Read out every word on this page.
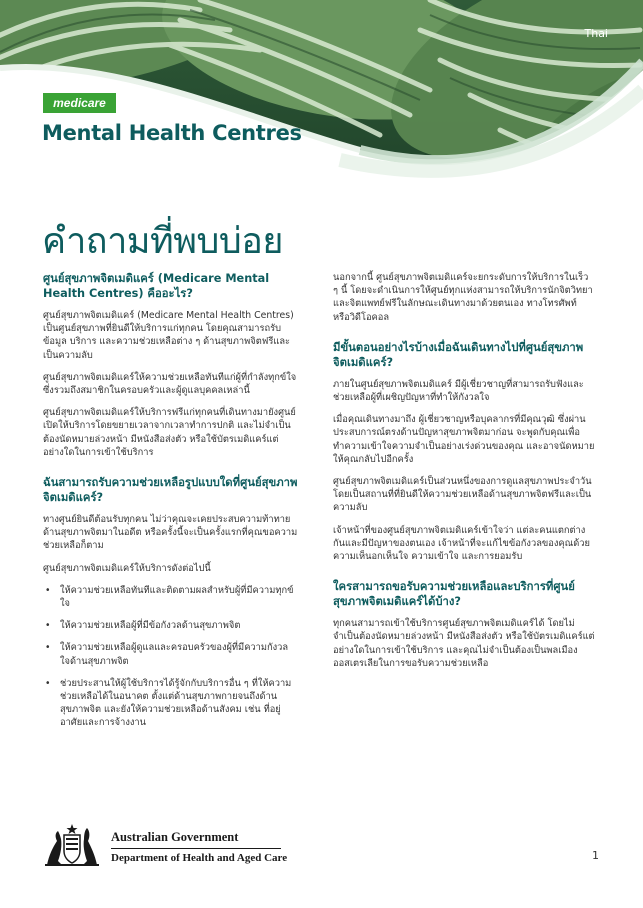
Thai
medicare
Mental Health Centres
คำถามที่พบบ่อย
ศูนย์สุขภาพจิตเมดิแคร์ (Medicare Mental Health Centres) คืออะไร?

ศูนย์สุขภาพจิตเมดิแคร์ (Medicare Mental Health Centres) เป็นศูนย์สุขภาพที่ยินดีให้บริการแก่ทุกคน โดยคุณสามารถรับข้อมูล บริการ และความช่วยเหลือต่าง ๆ ด้านสุขภาพจิตฟรีและเป็นความลับ

ศูนย์สุขภาพจิตเมดิแคร์ให้ความช่วยเหลือทันทีแก่ผู้ที่กำลังทุกข์ใจ ซึ่งรวมถึงสมาชิกในครอบครัวและผู้ดูแลบุคคลเหล่านี้

ศูนย์สุขภาพจิตเมดิแคร์ให้บริการฟรีแก่ทุกคนที่เดินทางมายังศูนย์ เปิดให้บริการโดยขยายเวลาจากเวลาทำการปกติ และไม่จำเป็นต้องนัดหมายล่วงหน้า มีหนังสือส่งตัว หรือใช้บัตรเมดิแคร์แต่อย่างใดในการเข้าใช้บริการ

ฉันสามารถรับความช่วยเหลือรูปแบบใดที่ศูนย์สุขภาพจิตเมดิแคร์?

ทางศูนย์ยินดีต้อนรับทุกคน ไม่ว่าคุณจะเคยประสบความท้าทายด้านสุขภาพจิตมาในอดีต หรือครั้งนี้จะเป็นครั้งแรกที่คุณขอความช่วยเหลือก็ตาม

ศูนย์สุขภาพจิตเมดิแคร์ให้บริการดังต่อไปนี้

• ให้ความช่วยเหลือทันทีและติดตามผลสำหรับผู้ที่มีความทุกข์ใจ
• ให้ความช่วยเหลือผู้ที่มีข้อกังวลด้านสุขภาพจิต
• ให้ความช่วยเหลือผู้ดูแลและครอบครัวของผู้ที่มีความกังวลใจด้านสุขภาพจิต
• ช่วยประสานให้ผู้ใช้บริการได้รู้จักกับบริการอื่น ๆ ที่ให้ความช่วยเหลือได้ในอนาคต ตั้งแต่ด้านสุขภาพกายจนถึงด้านสุขภาพจิต และยังให้ความช่วยเหลือด้านสังคม เช่น ที่อยู่อาศัยและการจ้างงาน

นอกจากนี้ ศูนย์สุขภาพจิตเมดิแคร์จะยกระดับการให้บริการในเร็ว ๆ นี้ โดยจะดำเนินการให้ศูนย์ทุกแห่งสามารถให้บริการนักจิตวิทยาและจิตแพทย์ฟรีในลักษณะเดินทางมาด้วยตนเอง ทางโทรศัพท์ หรือวิดีโอคอล

มีขั้นตอนอย่างไรบ้างเมื่อฉันเดินทางไปที่ศูนย์สุขภาพจิตเมดิแคร์?

ภายในศูนย์สุขภาพจิตเมดิแคร์ มีผู้เชี่ยวชาญที่สามารถรับฟังและช่วยเหลือผู้ที่เผชิญปัญหาที่ทำให้กังวลใจ

เมื่อคุณเดินทางมาถึง ผู้เชี่ยวชาญหรือบุคลากรที่มีคุณวุฒิ ซึ่งผ่านประสบการณ์ตรงด้านปัญหาสุขภาพจิตมาก่อน จะพูดกับคุณเพื่อทำความเข้าใจความจำเป็นอย่างเร่งด่วนของคุณ และอาจนัดหมายให้คุณกลับไปอีกครั้ง

ศูนย์สุขภาพจิตเมดิแคร์เป็นส่วนหนึ่งของการดูแลสุขภาพประจำวัน โดยเป็นสถานที่ที่ยินดีให้ความช่วยเหลือด้านสุขภาพจิตฟรีและเป็นความลับ

เจ้าหน้าที่ของศูนย์สุขภาพจิตเมดิแคร์เข้าใจว่า แต่ละคนแตกต่างกันและมีปัญหาของตนเอง เจ้าหน้าที่จะแก้ไขข้อกังวลของคุณด้วยความเห็นอกเห็นใจ ความเข้าใจ และการยอมรับ

ใครสามารถขอรับความช่วยเหลือและบริการที่ศูนย์สุขภาพจิตเมดิแคร์ได้บ้าง?

ทุกคนสามารถเข้าใช้บริการศูนย์สุขภาพจิตเมดิแคร์ได้ โดยไม่จำเป็นต้องนัดหมายล่วงหน้า มีหนังสือส่งตัว หรือใช้บัตรเมดิแคร์แต่อย่างใดในการเข้าใช้บริการ และคุณไม่จำเป็นต้องเป็นพลเมืองออสเตรเลียในการขอรับความช่วยเหลือ

Australian Government
Department of Health and Aged Care	1
